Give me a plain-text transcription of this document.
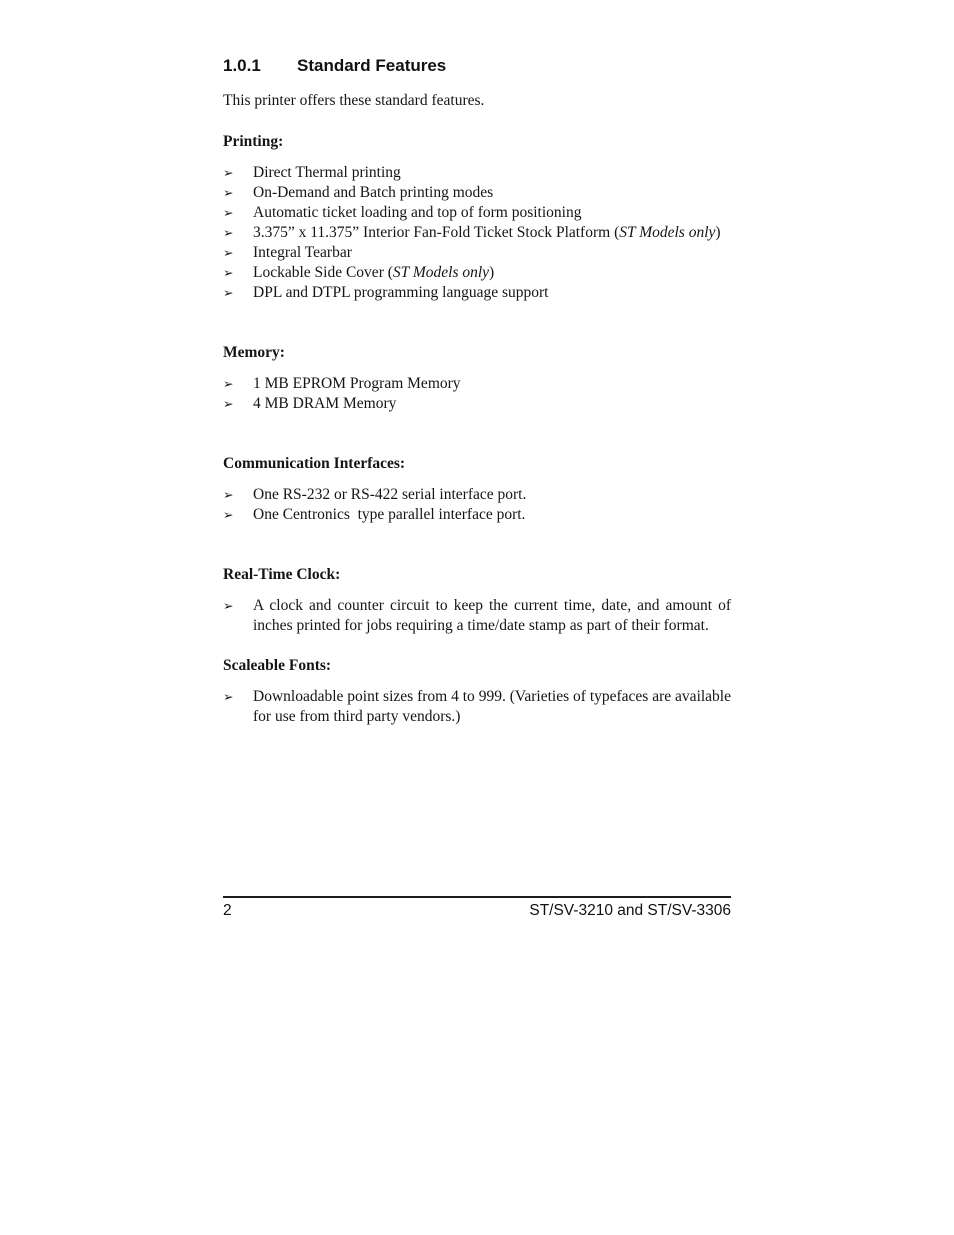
1.0.1 Standard Features

This printer offers these standard features.

Printing:
➢ Direct Thermal printing
➢ On-Demand and Batch printing modes
➢ Automatic ticket loading and top of form positioning
➢ 3.375” x 11.375” Interior Fan-Fold Ticket Stock Platform (ST Models only)
➢ Integral Tearbar
➢ Lockable Side Cover (ST Models only)
➢ DPL and DTPL programming language support
Memory:
➢ 1 MB EPROM Program Memory
➢ 4 MB DRAM Memory
Communication Interfaces:
➢ One RS-232 or RS-422 serial interface port.
➢ One Centronics  type parallel interface port.
Real-Time Clock:
➢ A clock and counter circuit to keep the current time, date, and amount of inches printed for jobs requiring a time/date stamp as part of their format.
Scaleable Fonts:
➢ Downloadable point sizes from 4 to 999. (Varieties of typefaces are available for use from third party vendors.)
2	ST/SV-3210 and ST/SV-3306
